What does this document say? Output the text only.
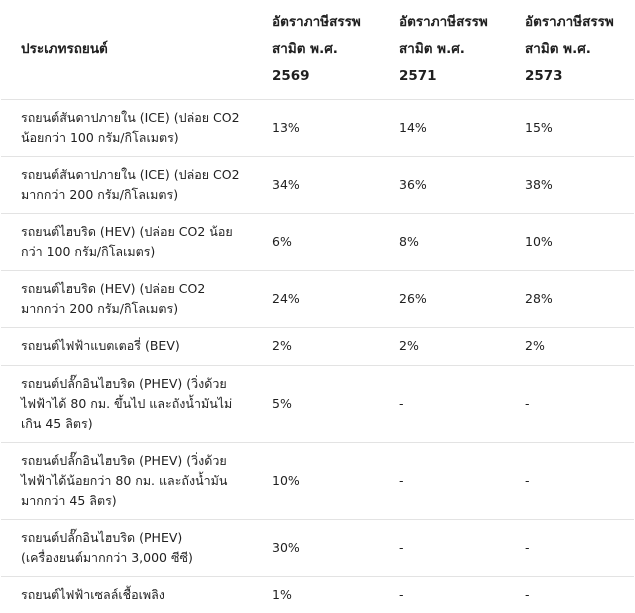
ประเภทรถยนต์	อัตราภาษีสรรพสามิต พ.ศ. 2569	อัตราภาษีสรรพสามิต พ.ศ. 2571	อัตราภาษีสรรพสามิต พ.ศ. 2573
รถยนต์สันดาปภายใน (ICE) (ปล่อย CO2 น้อยกว่า 100 กรัม/กิโลเมตร)	13%	14%	15%
รถยนต์สันดาปภายใน (ICE) (ปล่อย CO2 มากกว่า 200 กรัม/กิโลเมตร)	34%	36%	38%
รถยนต์ไฮบริด (HEV) (ปล่อย CO2 น้อยกว่า 100 กรัม/กิโลเมตร)	6%	8%	10%
รถยนต์ไฮบริด (HEV) (ปล่อย CO2 มากกว่า 200 กรัม/กิโลเมตร)	24%	26%	28%
รถยนต์ไฟฟ้าแบตเตอรี่ (BEV)	2%	2%	2%
รถยนต์ปลั๊กอินไฮบริด (PHEV) (วิ่งด้วยไฟฟ้าได้ 80 กม. ขึ้นไป และถังน้ำมันไม่เกิน 45 ลิตร)	5%	-	-
รถยนต์ปลั๊กอินไฮบริด (PHEV) (วิ่งด้วยไฟฟ้าได้น้อยกว่า 80 กม. และถังน้ำมันมากกว่า 45 ลิตร)	10%	-	-
รถยนต์ปลั๊กอินไฮบริด (PHEV) (เครื่องยนต์มากกว่า 3,000 ซีซี)	30%	-	-
รถยนต์ไฟฟ้าเซลล์เชื้อเพลิง	1%	-	-
